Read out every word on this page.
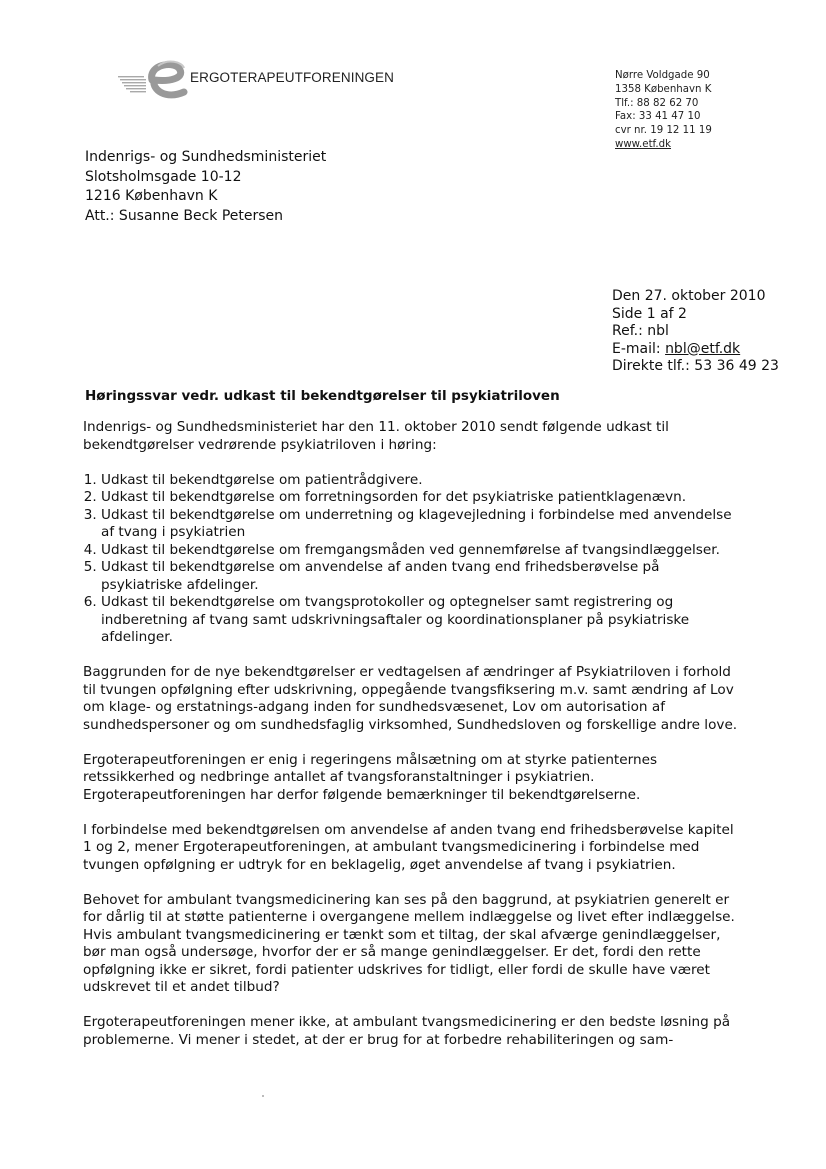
ERGOTERAPEUTFORENINGEN	Nørre Voldgade 90
1358 København K
Tlf.: 88 82 62 70
Fax: 33 41 47 10
cvr nr. 19 12 11 19
www.etf.dk
Indenrigs- og Sundhedsministeriet
Slotsholmsgade 10-12
1216 København K
Att.: Susanne Beck Petersen
Den 27. oktober 2010
Side 1 af 2
Ref.: nbl
E-mail: nbl@etf.dk
Direkte tlf.: 53 36 49 23
Høringssvar vedr. udkast til bekendtgørelser til psykiatriloven

Indenrigs- og Sundhedsministeriet har den 11. oktober 2010 sendt følgende udkast til bekendtgørelser vedrørende psykiatriloven i høring:

1. Udkast til bekendtgørelse om patientrådgivere.
2. Udkast til bekendtgørelse om forretningsorden for det psykiatriske patientklagenævn.
3. Udkast til bekendtgørelse om underretning og klagevejledning i forbindelse med anvendelse af tvang i psykiatrien
4. Udkast til bekendtgørelse om fremgangsmåden ved gennemførelse af tvangsindlæggelser.
5. Udkast til bekendtgørelse om anvendelse af anden tvang end frihedsberøvelse på psykiatriske afdelinger.
6. Udkast til bekendtgørelse om tvangsprotokoller og optegnelser samt registrering og indberetning af tvang samt udskrivningsaftaler og koordinationsplaner på psykiatriske afdelinger.

Baggrunden for de nye bekendtgørelser er vedtagelsen af ændringer af Psykiatriloven i forhold til tvungen opfølgning efter udskrivning, oppegående tvangsfiksering m.v. samt ændring af Lov om klage- og erstatnings-adgang inden for sundhedsvæsenet, Lov om autorisation af sundhedspersoner og om sundhedsfaglig virksomhed, Sundhedsloven og forskellige andre love.

Ergoterapeutforeningen er enig i regeringens målsætning om at styrke patienternes retssikkerhed og nedbringe antallet af tvangsforanstaltninger i psykiatrien. Ergoterapeutforeningen har derfor følgende bemærkninger til bekendtgørelserne.

I forbindelse med bekendtgørelsen om anvendelse af anden tvang end frihedsberøvelse kapitel 1 og 2, mener Ergoterapeutforeningen, at ambulant tvangsmedicinering i forbindelse med tvungen opfølgning er udtryk for en beklagelig, øget anvendelse af tvang i psykiatrien.

Behovet for ambulant tvangsmedicinering kan ses på den baggrund, at psykiatrien generelt er for dårlig til at støtte patienterne i overgangene mellem indlæggelse og livet efter indlæggelse. Hvis ambulant tvangsmedicinering er tænkt som et tiltag, der skal afværge genindlæggelser, bør man også undersøge, hvorfor der er så mange genindlæggelser. Er det, fordi den rette opfølgning ikke er sikret, fordi patienter udskrives for tidligt, eller fordi de skulle have været udskrevet til et andet tilbud?

Ergoterapeutforeningen mener ikke, at ambulant tvangsmedicinering er den bedste løsning på problemerne. Vi mener i stedet, at der er brug for at forbedre rehabiliteringen og sam-
